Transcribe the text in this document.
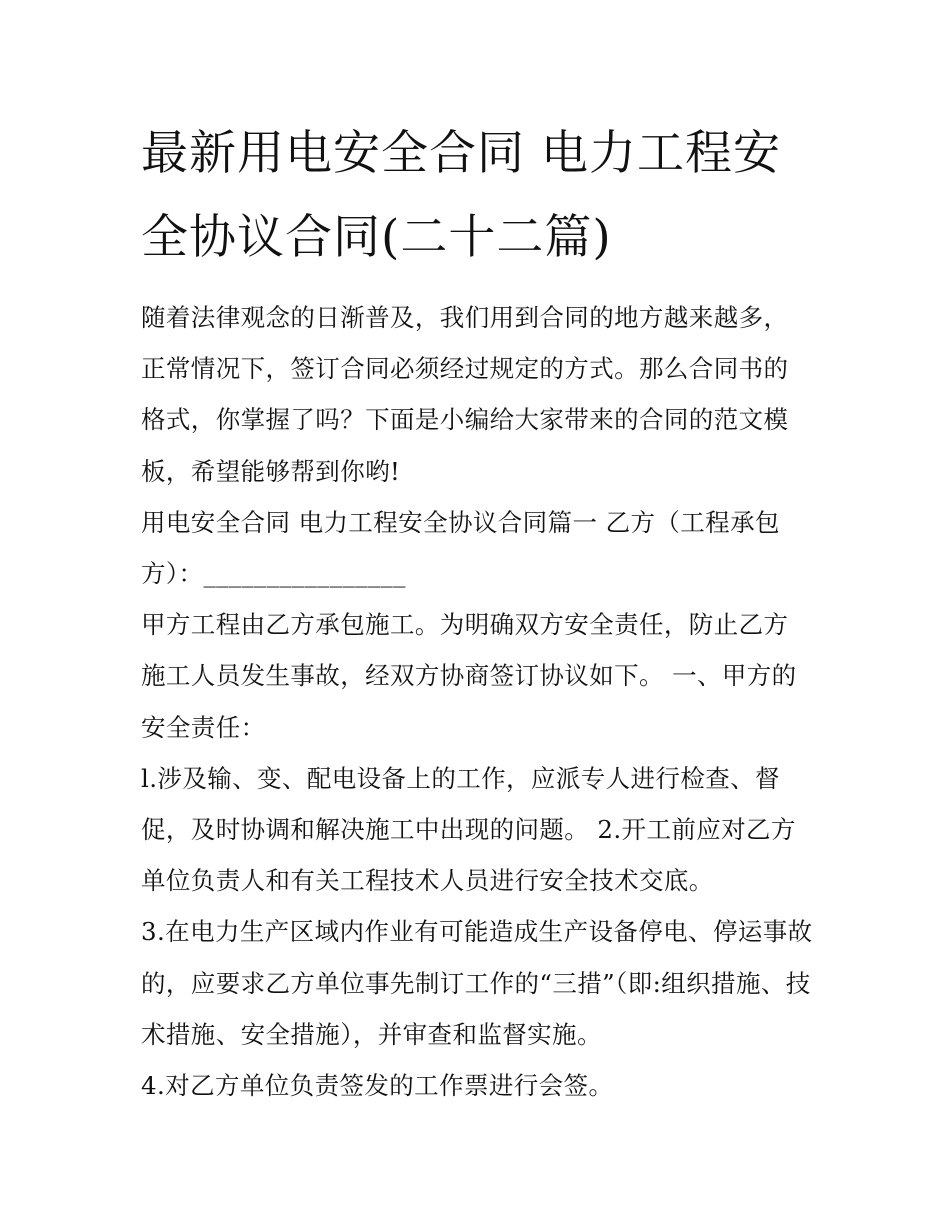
最新用电安全合同 电力工程安全协议合同(二十二篇)

随着法律观念的日渐普及，我们用到合同的地方越来越多，正常情况下，签订合同必须经过规定的方式。那么合同书的格式，你掌握了吗？下面是小编给大家带来的合同的范文模板，希望能够帮到你哟!

用电安全合同 电力工程安全协议合同篇一 乙方（工程承包方）：________________

甲方工程由乙方承包施工。为明确双方安全责任，防止乙方施工人员发生事故，经双方协商签订协议如下。 一、甲方的安全责任：

l.涉及输、变、配电设备上的工作，应派专人进行检查、督促，及时协调和解决施工中出现的问题。 2.开工前应对乙方单位负责人和有关工程技术人员进行安全技术交底。

3.在电力生产区域内作业有可能造成生产设备停电、停运事故的，应要求乙方单位事先制订工作的“三措”（即:组织措施、技术措施、安全措施），并审查和监督实施。

4.对乙方单位负责签发的工作票进行会签。
